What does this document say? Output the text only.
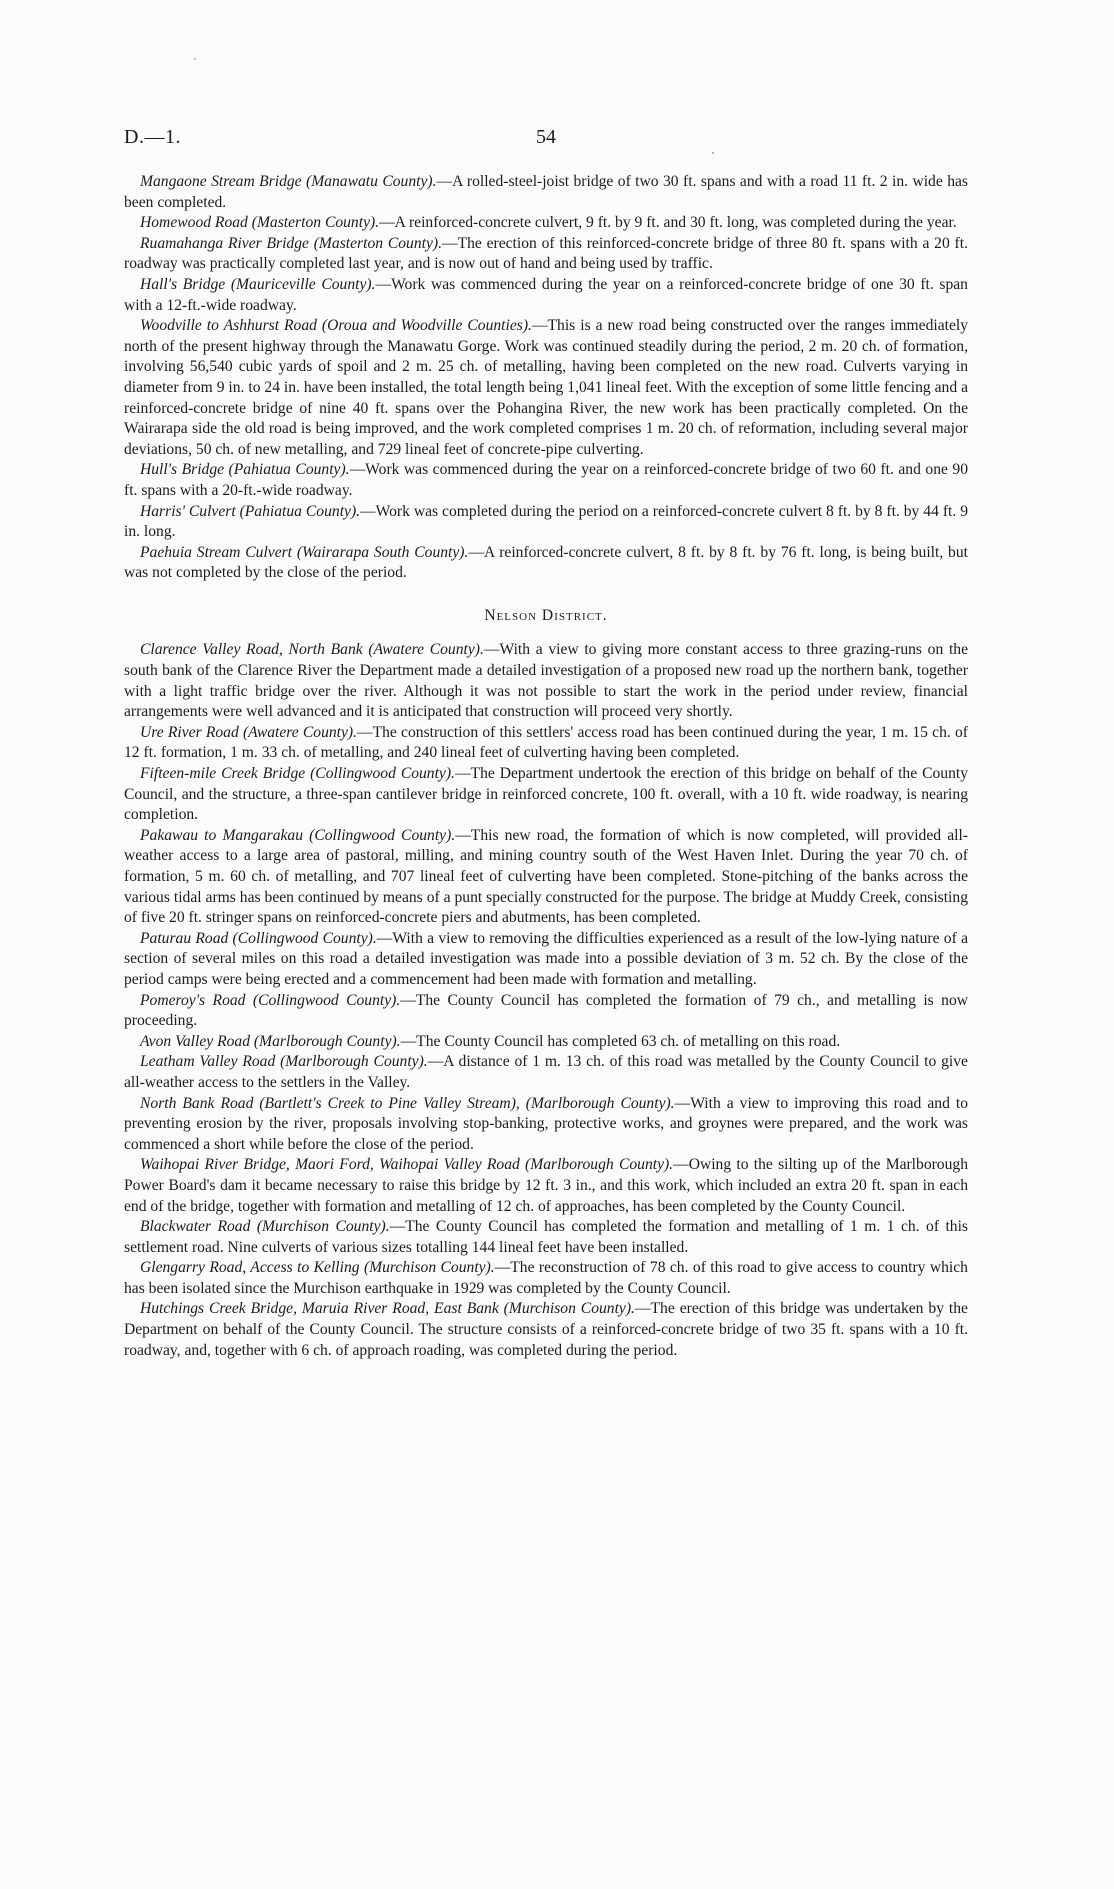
D.—1.	54

Mangaone Stream Bridge (Manawatu County).—A rolled-steel-joist bridge of two 30 ft. spans and with a road 11 ft. 2 in. wide has been completed.

Homewood Road (Masterton County).—A reinforced-concrete culvert, 9 ft. by 9 ft. and 30 ft. long, was completed during the year.

Ruamahanga River Bridge (Masterton County).—The erection of this reinforced-concrete bridge of three 80 ft. spans with a 20 ft. roadway was practically completed last year, and is now out of hand and being used by traffic.

Hall's Bridge (Mauriceville County).—Work was commenced during the year on a reinforced-concrete bridge of one 30 ft. span with a 12-ft.-wide roadway.

Woodville to Ashhurst Road (Oroua and Woodville Counties).—This is a new road being constructed over the ranges immediately north of the present highway through the Manawatu Gorge. Work was continued steadily during the period, 2 m. 20 ch. of formation, involving 56,540 cubic yards of spoil and 2 m. 25 ch. of metalling, having been completed on the new road. Culverts varying in diameter from 9 in. to 24 in. have been installed, the total length being 1,041 lineal feet. With the exception of some little fencing and a reinforced-concrete bridge of nine 40 ft. spans over the Pohangina River, the new work has been practically completed. On the Wairarapa side the old road is being improved, and the work completed comprises 1 m. 20 ch. of reformation, including several major deviations, 50 ch. of new metalling, and 729 lineal feet of concrete-pipe culverting.

Hull's Bridge (Pahiatua County).—Work was commenced during the year on a reinforced-concrete bridge of two 60 ft. and one 90 ft. spans with a 20-ft.-wide roadway.

Harris' Culvert (Pahiatua County).—Work was completed during the period on a reinforced-concrete culvert 8 ft. by 8 ft. by 44 ft. 9 in. long.

Paehuia Stream Culvert (Wairarapa South County).—A reinforced-concrete culvert, 8 ft. by 8 ft. by 76 ft. long, is being built, but was not completed by the close of the period.

Nelson District.

Clarence Valley Road, North Bank (Awatere County).—With a view to giving more constant access to three grazing-runs on the south bank of the Clarence River the Department made a detailed investigation of a proposed new road up the northern bank, together with a light traffic bridge over the river. Although it was not possible to start the work in the period under review, financial arrangements were well advanced and it is anticipated that construction will proceed very shortly.

Ure River Road (Awatere County).—The construction of this settlers' access road has been continued during the year, 1 m. 15 ch. of 12 ft. formation, 1 m. 33 ch. of metalling, and 240 lineal feet of culverting having been completed.

Fifteen-mile Creek Bridge (Collingwood County).—The Department undertook the erection of this bridge on behalf of the County Council, and the structure, a three-span cantilever bridge in reinforced concrete, 100 ft. overall, with a 10 ft. wide roadway, is nearing completion.

Pakawau to Mangarakau (Collingwood County).—This new road, the formation of which is now completed, will provided all-weather access to a large area of pastoral, milling, and mining country south of the West Haven Inlet. During the year 70 ch. of formation, 5 m. 60 ch. of metalling, and 707 lineal feet of culverting have been completed. Stone-pitching of the banks across the various tidal arms has been continued by means of a punt specially constructed for the purpose. The bridge at Muddy Creek, consisting of five 20 ft. stringer spans on reinforced-concrete piers and abutments, has been completed.

Paturau Road (Collingwood County).—With a view to removing the difficulties experienced as a result of the low-lying nature of a section of several miles on this road a detailed investigation was made into a possible deviation of 3 m. 52 ch. By the close of the period camps were being erected and a commencement had been made with formation and metalling.

Pomeroy's Road (Collingwood County).—The County Council has completed the formation of 79 ch., and metalling is now proceeding.

Avon Valley Road (Marlborough County).—The County Council has completed 63 ch. of metalling on this road.

Leatham Valley Road (Marlborough County).—A distance of 1 m. 13 ch. of this road was metalled by the County Council to give all-weather access to the settlers in the Valley.

North Bank Road (Bartlett's Creek to Pine Valley Stream), (Marlborough County).—With a view to improving this road and to preventing erosion by the river, proposals involving stop-banking, protective works, and groynes were prepared, and the work was commenced a short while before the close of the period.

Waihopai River Bridge, Maori Ford, Waihopai Valley Road (Marlborough County).—Owing to the silting up of the Marlborough Power Board's dam it became necessary to raise this bridge by 12 ft. 3 in., and this work, which included an extra 20 ft. span in each end of the bridge, together with formation and metalling of 12 ch. of approaches, has been completed by the County Council.

Blackwater Road (Murchison County).—The County Council has completed the formation and metalling of 1 m. 1 ch. of this settlement road. Nine culverts of various sizes totalling 144 lineal feet have been installed.

Glengarry Road, Access to Kelling (Murchison County).—The reconstruction of 78 ch. of this road to give access to country which has been isolated since the Murchison earthquake in 1929 was completed by the County Council.

Hutchings Creek Bridge, Maruia River Road, East Bank (Murchison County).—The erection of this bridge was undertaken by the Department on behalf of the County Council. The structure consists of a reinforced-concrete bridge of two 35 ft. spans with a 10 ft. roadway, and, together with 6 ch. of approach roading, was completed during the period.
